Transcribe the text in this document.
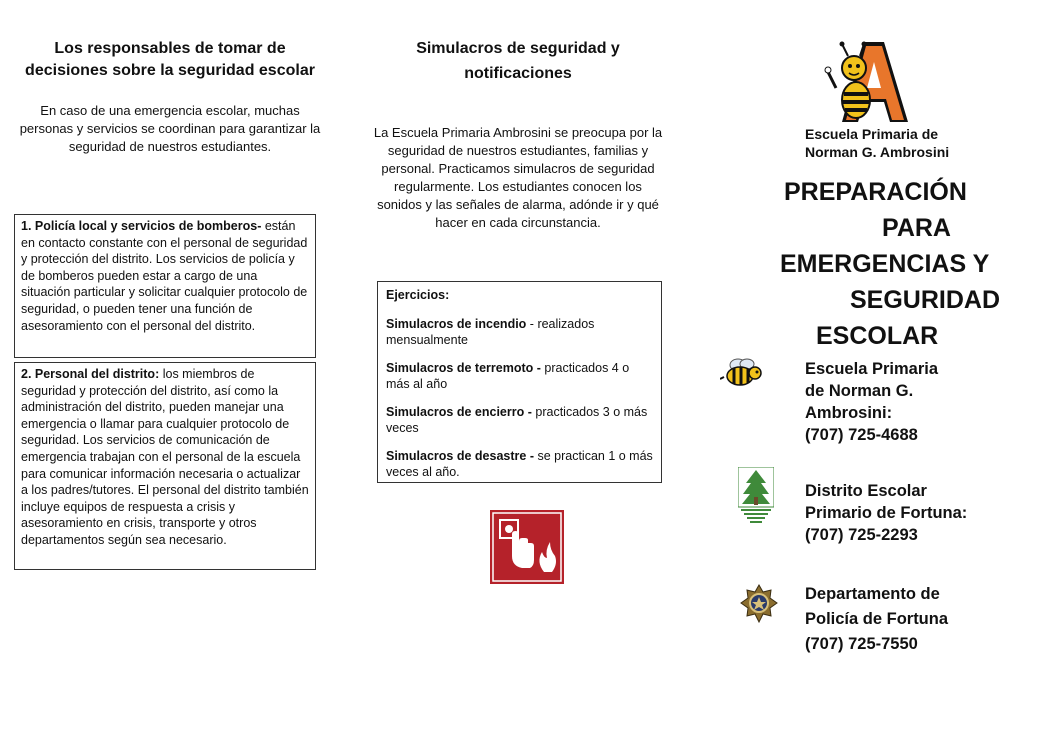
Los responsables de tomar de decisiones sobre la seguridad escolar
En caso de una emergencia escolar, muchas personas y servicios se coordinan para garantizar la seguridad de nuestros estudiantes.
1. Policía local y servicios de bomberos- están en contacto constante con el personal de seguridad y protección del distrito. Los servicios de policía y de bomberos pueden estar a cargo de una situación particular y solicitar cualquier protocolo de seguridad, o pueden tener una función de asesoramiento con el personal del distrito.
2. Personal del distrito: los miembros de seguridad y protección del distrito, así como la administración del distrito, pueden manejar una emergencia o llamar para cualquier protocolo de seguridad. Los servicios de comunicación de emergencia trabajan con el personal de la escuela para comunicar información necesaria o actualizar a los padres/tutores. El personal del distrito también incluye equipos de respuesta a crisis y asesoramiento en crisis, transporte y otros departamentos según sea necesario.
Simulacros de seguridad y notificaciones
La Escuela Primaria Ambrosini se preocupa por la seguridad de nuestros estudiantes, familias y personal. Practicamos simulacros de seguridad regularmente. Los estudiantes conocen los sonidos y las señales de alarma, adónde ir y qué hacer en cada circunstancia.
Ejercicios:
Simulacros de incendio - realizados mensualmente
Simulacros de terremoto - practicados 4 o más al año
Simulacros de encierro - practicados 3 o más veces
Simulacros de desastre - se practican 1 o más veces al año.
Escuela Primaria de
Norman G. Ambrosini
PREPARACIÓN
PARA
EMERGENCIAS Y
SEGURIDAD
ESCOLAR
Escuela Primaria
de Norman G.
Ambrosini:
(707) 725-4688
Distrito Escolar
Primario de Fortuna:
(707) 725-2293
Departamento de
Policía de Fortuna
(707) 725-7550
